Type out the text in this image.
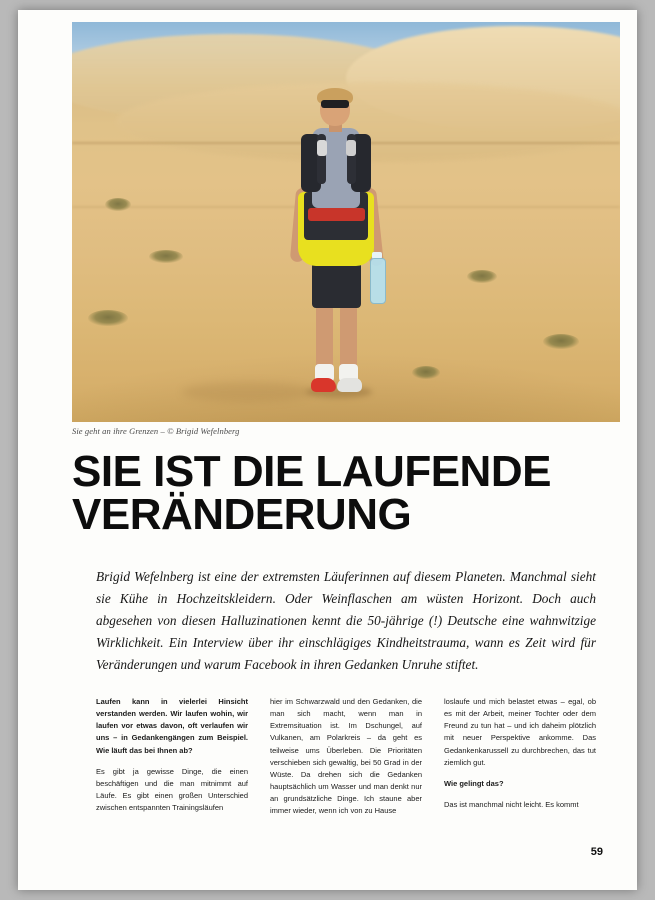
Sie geht an ihre Grenzen – © Brigid Wefelnberg
SIE IST DIE LAUFENDE
VERÄNDERUNG
Brigid Wefelnberg ist eine der extremsten Läuferinnen auf diesem Planeten. Manchmal sieht sie Kühe in Hochzeitskleidern. Oder Weinflaschen am wüsten Horizont. Doch auch abgesehen von diesen Halluzinationen kennt die 50-jährige (!) Deutsche eine wahnwitzige Wirklichkeit. Ein Interview über ihr einschlägiges Kindheitstrauma, wann es Zeit wird für Veränderungen und warum Facebook in ihren Gedanken Unruhe stiftet.

Laufen kann in vielerlei Hinsicht verstanden werden. Wir laufen wohin, wir laufen vor etwas davon, oft verlaufen wir uns – in Gedankengängen zum Beispiel. Wie läuft das bei Ihnen ab?

Es gibt ja gewisse Dinge, die einen beschäftigen und die man mitnimmt auf Läufe. Es gibt einen großen Unterschied zwischen entspannten Trainingsläufen

hier im Schwarzwald und den Gedanken, die man sich macht, wenn man in Extremsituation ist. Im Dschungel, auf Vulkanen, am Polarkreis – da geht es teilweise ums Überleben. Die Prioritäten verschieben sich gewaltig, bei 50 Grad in der Wüste. Da drehen sich die Gedanken hauptsächlich um Wasser und man denkt nur an grundsätzliche Dinge. Ich staune aber immer wieder, wenn ich von zu Hause

loslaufe und mich belastet etwas – egal, ob es mit der Arbeit, meiner Tochter oder dem Freund zu tun hat – und ich daheim plötzlich mit neuer Perspektive ankomme. Das Gedankenkarussell zu durchbrechen, das tut ziemlich gut.

Wie gelingt das?

Das ist manchmal nicht leicht. Es kommt

59
